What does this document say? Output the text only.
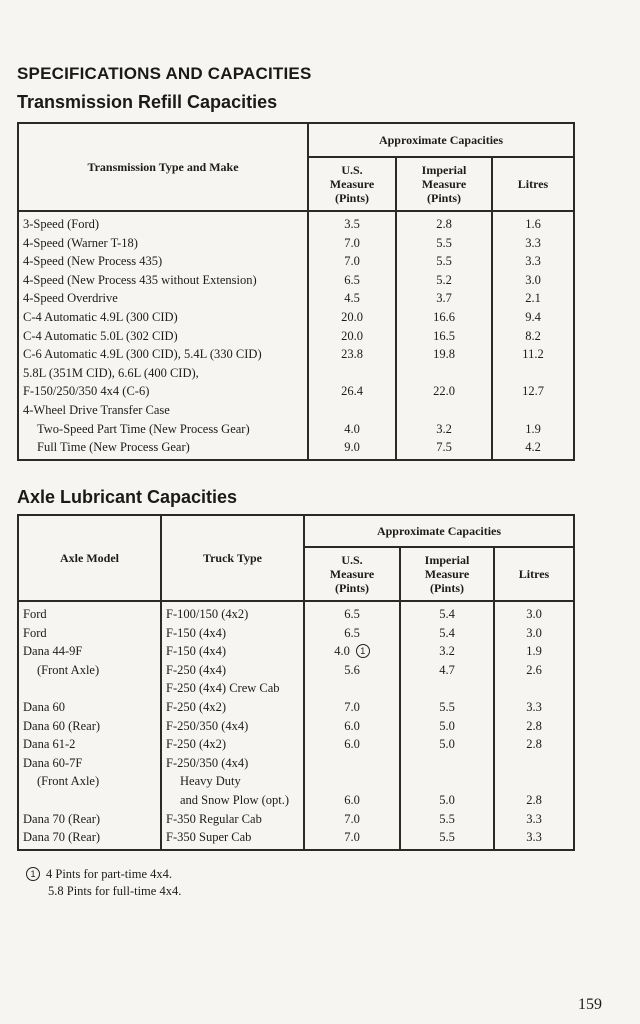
SPECIFICATIONS AND CAPACITIES
Transmission Refill Capacities
Transmission Type and Make	Approximate Capacities		
	U.S.
Measure
(Pints)	Imperial
Measure
(Pints)	Litres
3-Speed (Ford)	3.5	2.8	1.6
4-Speed (Warner T-18)	7.0	5.5	3.3
4-Speed (New Process 435)	7.0	5.5	3.3
4-Speed (New Process 435 without Extension)	6.5	5.2	3.0
4-Speed Overdrive	4.5	3.7	2.1
C-4 Automatic 4.9L (300 CID)	20.0	16.6	9.4
C-4 Automatic 5.0L (302 CID)	20.0	16.5	8.2
C-6 Automatic 4.9L (300 CID), 5.4L (330 CID)	23.8	19.8	11.2
5.8L (351M CID), 6.6L (400 CID),			
F-150/250/350 4x4 (C-6)	26.4	22.0	12.7
4-Wheel Drive Transfer Case			
Two-Speed Part Time (New Process Gear)	4.0	3.2	1.9
Full Time (New Process Gear)	9.0	7.5	4.2
Axle Lubricant Capacities
Axle Model	Truck Type	Approximate Capacities		
		U.S.
Measure
(Pints)	Imperial
Measure
(Pints)	Litres
Ford	F-100/150 (4x2)	6.5	5.4	3.0
Ford	F-150 (4x4)	6.5	5.4	3.0
Dana 44-9F	F-150 (4x4)	4.0 1	3.2	1.9
(Front Axle)	F-250 (4x4)	5.6	4.7	2.6
	F-250 (4x4) Crew Cab			
Dana 60	F-250 (4x2)	7.0	5.5	3.3
Dana 60 (Rear)	F-250/350 (4x4)	6.0	5.0	2.8
Dana 61-2	F-250 (4x2)	6.0	5.0	2.8
Dana 60-7F	F-250/350 (4x4)			
(Front Axle)	Heavy Duty			
	and Snow Plow (opt.)	6.0	5.0	2.8
Dana 70 (Rear)	F-350 Regular Cab	7.0	5.5	3.3
Dana 70 (Rear)	F-350 Super Cab	7.0	5.5	3.3
1 4 Pints for part-time 4x4.
5.8 Pints for full-time 4x4.
159
